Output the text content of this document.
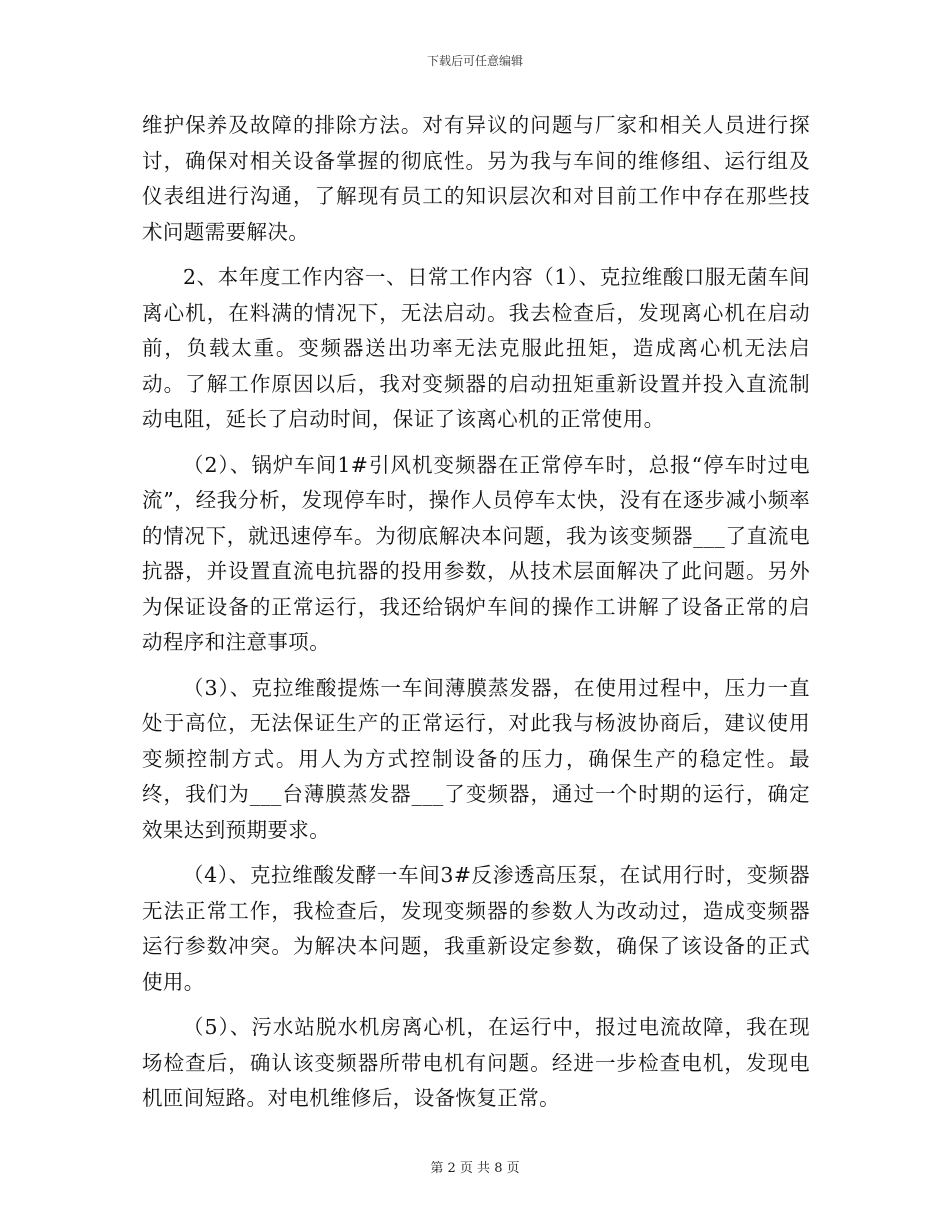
下载后可任意编辑

维护保养及故障的排除方法。对有异议的问题与厂家和相关人员进行探讨，确保对相关设备掌握的彻底性。另为我与车间的维修组、运行组及仪表组进行沟通，了解现有员工的知识层次和对目前工作中存在那些技术问题需要解决。

2、本年度工作内容一、日常工作内容（1）、克拉维酸口服无菌车间离心机，在料满的情况下，无法启动。我去检查后，发现离心机在启动前，负载太重。变频器送出功率无法克服此扭矩，造成离心机无法启动。了解工作原因以后，我对变频器的启动扭矩重新设置并投入直流制动电阻，延长了启动时间，保证了该离心机的正常使用。

（2）、锅炉车间1#引风机变频器在正常停车时，总报“停车时过电流”，经我分析，发现停车时，操作人员停车太快，没有在逐步减小频率的情况下，就迅速停车。为彻底解决本问题，我为该变频器___了直流电抗器，并设置直流电抗器的投用参数，从技术层面解决了此问题。另外为保证设备的正常运行，我还给锅炉车间的操作工讲解了设备正常的启动程序和注意事项。

（3）、克拉维酸提炼一车间薄膜蒸发器，在使用过程中，压力一直处于高位，无法保证生产的正常运行，对此我与杨波协商后，建议使用变频控制方式。用人为方式控制设备的压力，确保生产的稳定性。最终，我们为___台薄膜蒸发器___了变频器，通过一个时期的运行，确定效果达到预期要求。

（4）、克拉维酸发酵一车间3#反渗透高压泵，在试用行时，变频器无法正常工作，我检查后，发现变频器的参数人为改动过，造成变频器运行参数冲突。为解决本问题，我重新设定参数，确保了该设备的正式使用。

（5）、污水站脱水机房离心机，在运行中，报过电流故障，我在现场检查后，确认该变频器所带电机有问题。经进一步检查电机，发现电机匝间短路。对电机维修后，设备恢复正常。

第 2 页 共 8 页
